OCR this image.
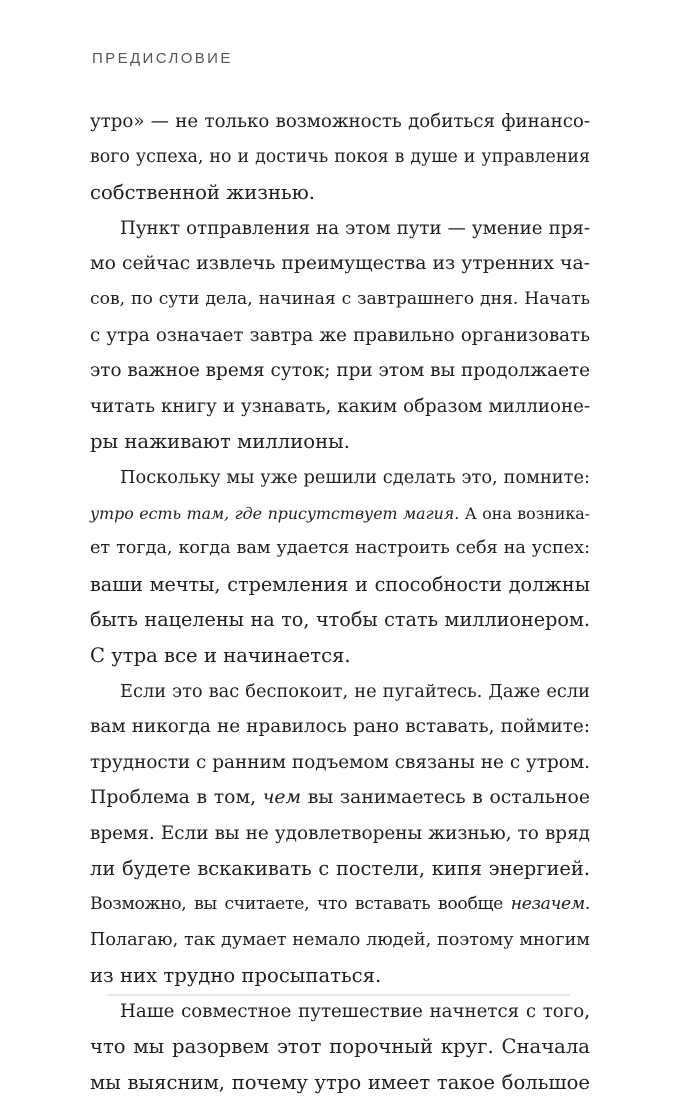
ПРЕДИСЛОВИЕ
утро» — не только возможность добиться финансо-
вого успеха, но и достичь покоя в душе и управления
собственной жизнью.
Пункт отправления на этом пути — умение пря-
мо сейчас извлечь преимущества из утренних ча-
сов, по сути дела, начиная с завтрашнего дня. Начать
с утра означает завтра же правильно организовать
это важное время суток; при этом вы продолжаете
читать книгу и узнавать, каким образом миллионе-
ры наживают миллионы.
Поскольку мы уже решили сделать это, помните:
утро есть там, где присутствует магия. А она возника-
ет тогда, когда вам удается настроить себя на успех:
ваши мечты, стремления и способности должны
быть нацелены на то, чтобы стать миллионером.
С утра все и начинается.
Если это вас беспокоит, не пугайтесь. Даже если
вам никогда не нравилось рано вставать, поймите:
трудности с ранним подъемом связаны не с утром.
Проблема в том, чем вы занимаетесь в остальное
время. Если вы не удовлетворены жизнью, то вряд
ли будете вскакивать с постели, кипя энергией.
Возможно, вы считаете, что вставать вообще незачем.
Полагаю, так думает немало людей, поэтому многим
из них трудно просыпаться.
Наше совместное путешествие начнется с того,
что мы разорвем этот порочный круг. Сначала
мы выясним, почему утро имеет такое большое
